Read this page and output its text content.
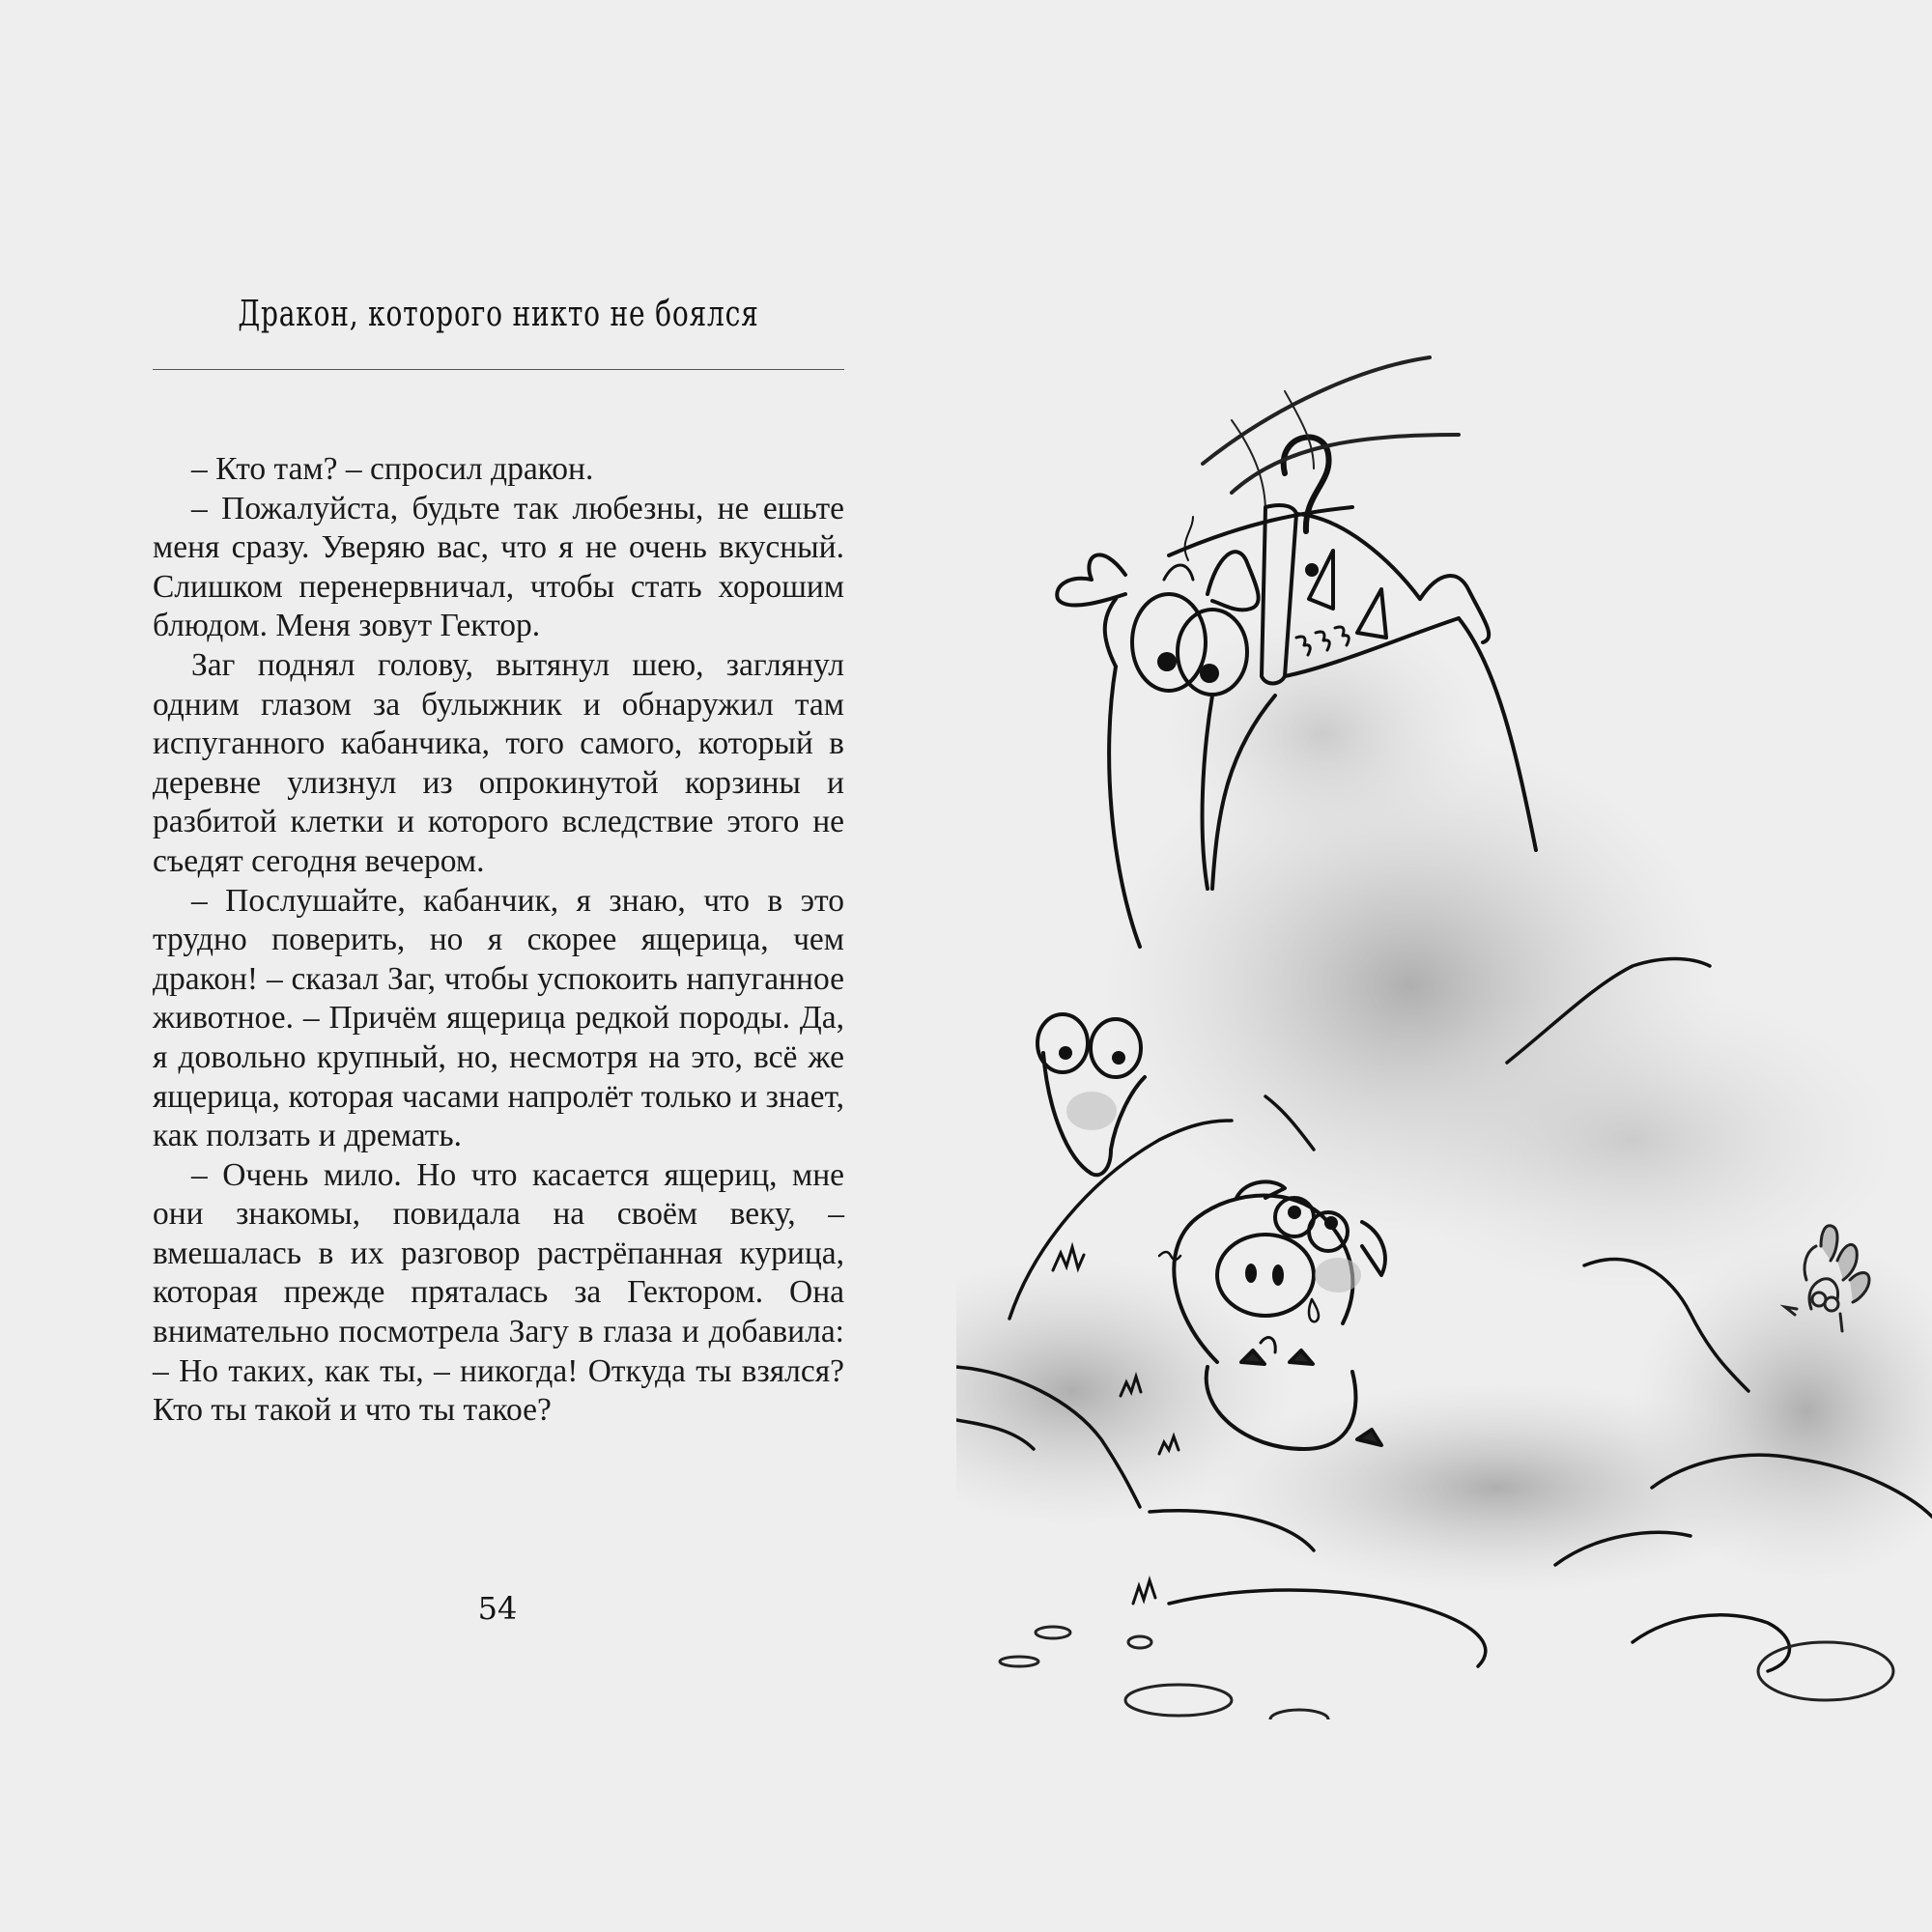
Дракон, которого никто не боялся

– Кто там? – спросил дракон.

– Пожалуйста, будьте так любезны, не ешьте меня сразу. Уверяю вас, что я не очень вкусный. Слишком перенервничал, чтобы стать хорошим блюдом. Меня зовут Гектор.

Заг поднял голову, вытянул шею, заглянул одним глазом за булыжник и обнаружил там испуганного кабанчика, того самого, который в деревне улизнул из опрокинутой корзины и разбитой клетки и которого вследствие этого не съедят сегодня вечером.

– Послушайте, кабанчик, я знаю, что в это трудно поверить, но я скорее ящерица, чем дракон! – сказал Заг, чтобы успокоить напуганное животное. – Причём ящерица редкой породы. Да, я довольно крупный, но, несмотря на это, всё же ящерица, которая часами напролёт только и знает, как ползать и дремать.

– Очень мило. Но что касается ящериц, мне они знакомы, повидала на своём веку, – вмешалась в их разговор растрёпанная курица, которая прежде пряталась за Гектором. Она внимательно посмотрела Загу в глаза и добавила: – Но таких, как ты, – никогда! Откуда ты взялся? Кто ты такой и что ты такое?

54
